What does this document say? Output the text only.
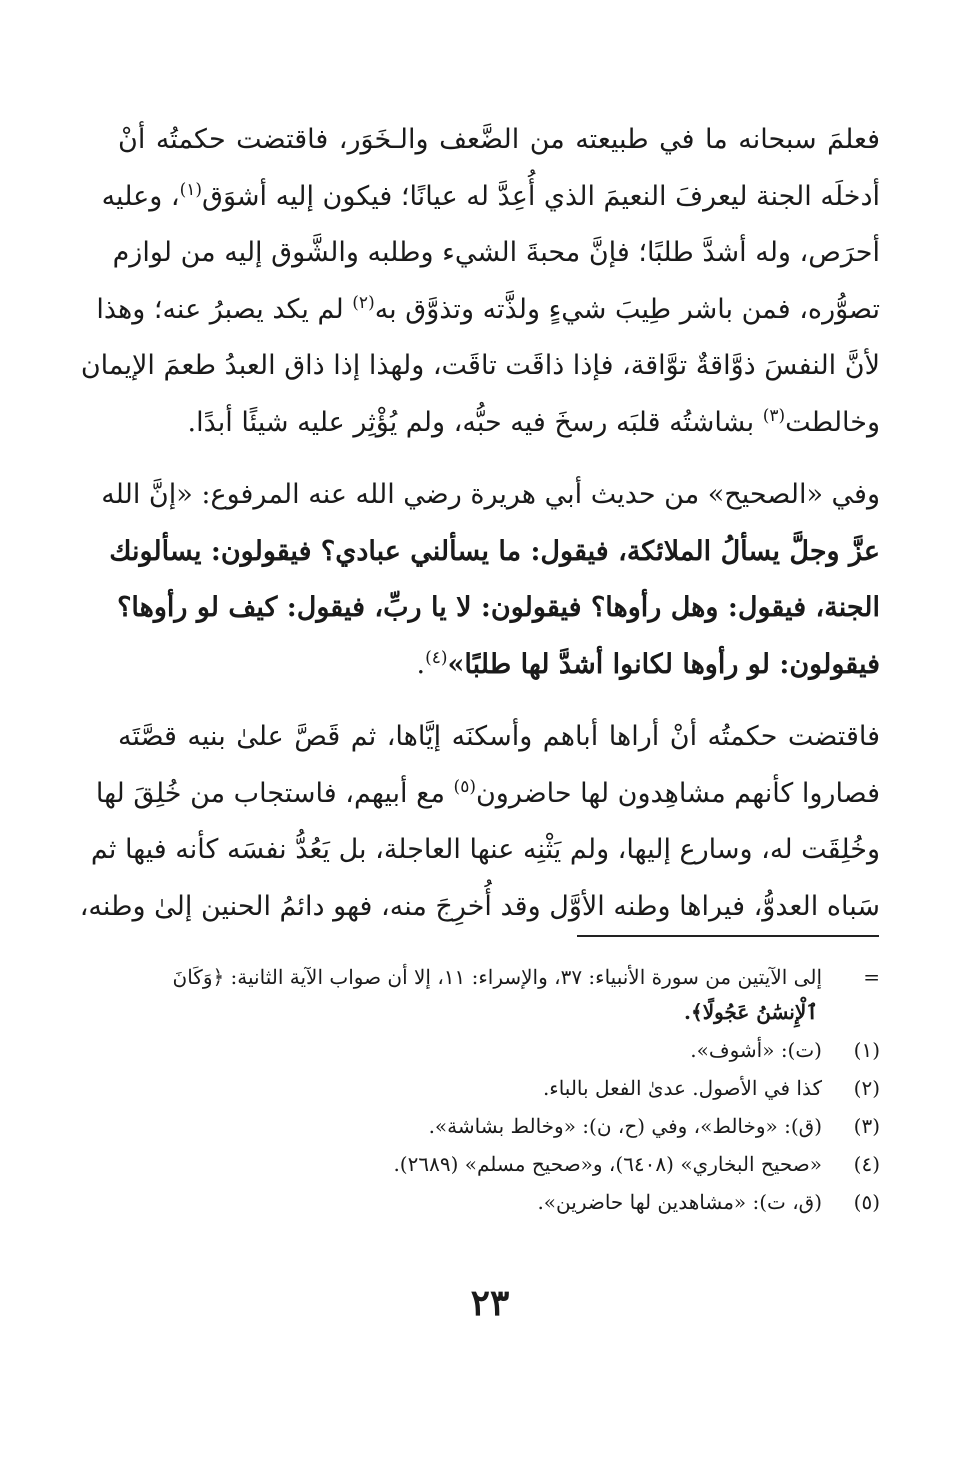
فعلمَ سبحانه ما في طبيعته من الضَّعف والـخَوَر، فاقتضت حكمتُه أنْ
أدخلَه الجنة ليعرفَ النعيمَ الذي أُعِدَّ له عيانًا؛ فيكون إليه أشوَق$^{(١)}$، وعليه
أحرَص، وله أشدَّ طلبًا؛ فإنَّ محبةَ الشيء وطلبه والشَّوق إليه من لوازم
تصوُّره، فمن باشر طِيبَ شيءٍ ولذَّته وتذوَّق به$^{(٢)}$ لم يكد يصبرُ عنه؛ وهذا
لأنَّ النفسَ ذوَّاقةٌ توَّاقة، فإذا ذاقَت تاقَت، ولهذا إذا ذاق العبدُ طعمَ الإيمان
وخالطت$^{(٣)}$ بشاشتُه قلبَه رسخَ فيه حبُّه، ولم يُؤْثِر عليه شيئًا أبدًا.
وفي «الصحيح» من حديث أبي هريرة رضي الله عنه المرفوع: «إنَّ الله
عزَّ وجلَّ يسألُ الملائكة، فيقول: ما يسألني عبادي؟ فيقولون: يسألونك
الجنة، فيقول: وهل رأوها؟ فيقولون: لا يا ربِّ، فيقول: كيف لو رأوها؟
فيقولون: لو رأوها لكانوا أشدَّ لها طلبًا»$^{(٤)}$.
فاقتضت حكمتُه أنْ أراها أباهم وأسكنَه إيَّاها، ثم قَصَّ علىٰ بنيه قصَّتَه
فصاروا كأنهم مشاهِدون لها حاضرون$^{(٥)}$ مع أبيهم، فاستجاب من خُلِقَ لها
وخُلِقَت له، وسارع إليها، ولم يَثْنِه عنها العاجلة، بل يَعُدُّ نفسَه كأنه فيها ثم
سَباه العدوُّ، فيراها وطنه الأوَّل وقد أُخرِجَ منه، فهو دائمُ الحنين إلىٰ وطنه،
=
إلى الآيتين من سورة الأنبياء: ٣٧، والإسراء: ١١، إلا أن صواب الآية الثانية: ﴿وَكَانَ
ٱلْإِنسَٰنُ عَجُولًا﴾.
(١)
(ت): «أشوف».
(٢)
كذا في الأصول. عدىٰ الفعل بالباء.
(٣)
(ق): «وخالط»، وفي (ح، ن): «وخالط بشاشة».
(٤)
«صحيح البخاري» (٦٤٠٨)، و«صحيح مسلم» (٢٦٨٩).
(٥)
(ق، ت): «مشاهدين لها حاضرين».
٢٣
